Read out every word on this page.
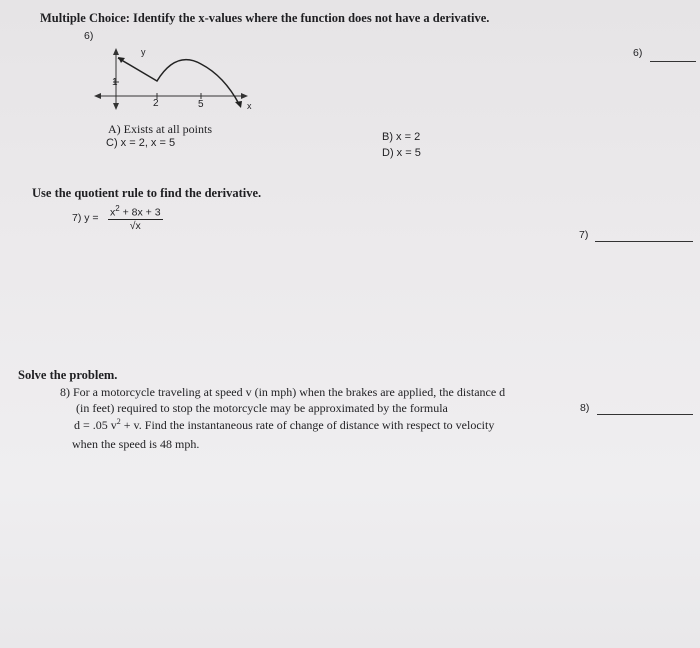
Multiple Choice: Identify the x-values where the function does not have a derivative.
6)
6)
y
x
1
2	5
A) Exists at all points
B) x = 2
C) x = 2, x = 5
D) x = 5
Use the quotient rule to find the derivative.
7) $y = \frac{x^2 + 8x + 3}{√x}$
7)
Solve the problem.
8) For a motorcycle traveling at speed v (in mph) when the brakes are applied, the distance d
(in feet) required to stop the motorcycle may be approximated by the formula
d = .05 $v^2 + v$. Find the instantaneous rate of change of distance with respect to velocity
when the speed is 48 mph.
8)
